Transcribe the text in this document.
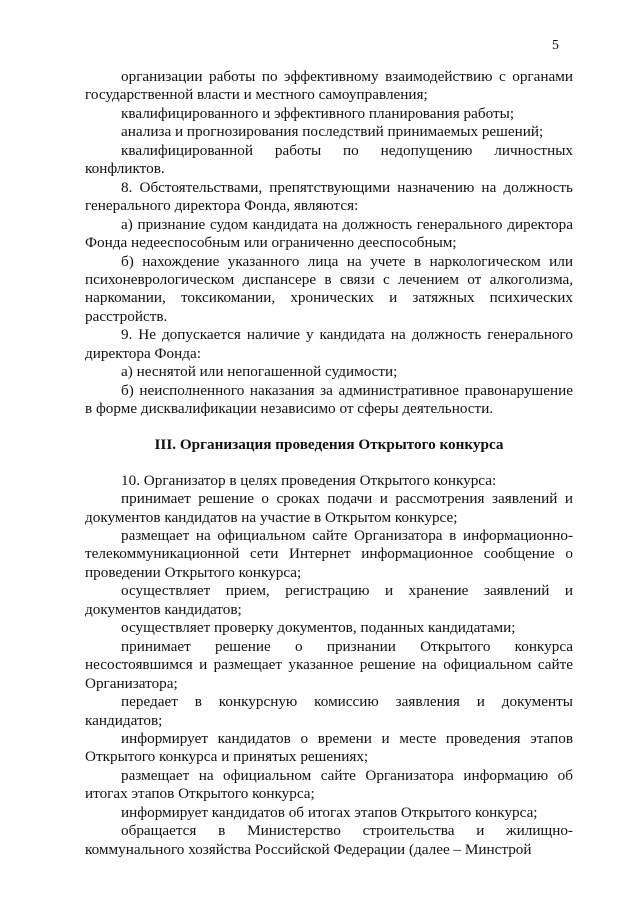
5

организации работы по эффективному взаимодействию с органами государственной власти и местного самоуправления;

квалифицированного и эффективного планирования работы;

анализа и прогнозирования последствий принимаемых решений;

квалифицированной работы по недопущению личностных конфликтов.

8. Обстоятельствами, препятствующими назначению на должность генерального директора Фонда, являются:

а) признание судом кандидата на должность генерального директора Фонда недееспособным или ограниченно дееспособным;

б) нахождение указанного лица на учете в наркологическом или психоневрологическом диспансере в связи с лечением от алкоголизма, наркомании, токсикомании, хронических и затяжных психических расстройств.

9. Не допускается наличие у кандидата на должность генерального директора Фонда:

а) неснятой или непогашенной судимости;

б) неисполненного наказания за административное правонарушение в форме дисквалификации независимо от сферы деятельности.

III. Организация проведения Открытого конкурса

10. Организатор в целях проведения Открытого конкурса:

принимает решение о сроках подачи и рассмотрения заявлений и документов кандидатов на участие в Открытом конкурсе;

размещает на официальном сайте Организатора в информационно-телекоммуникационной сети Интернет информационное сообщение о проведении Открытого конкурса;

осуществляет прием, регистрацию и хранение заявлений и документов кандидатов;

осуществляет проверку документов, поданных кандидатами;

принимает решение о признании Открытого конкурса несостоявшимся и размещает указанное решение на официальном сайте Организатора;

передает в конкурсную комиссию заявления и документы кандидатов;

информирует кандидатов о времени и месте проведения этапов Открытого конкурса и принятых решениях;

размещает на официальном сайте Организатора информацию об итогах этапов Открытого конкурса;

информирует кандидатов об итогах этапов Открытого конкурса;

обращается в Министерство строительства и жилищно-коммунального хозяйства Российской Федерации (далее – Минстрой
